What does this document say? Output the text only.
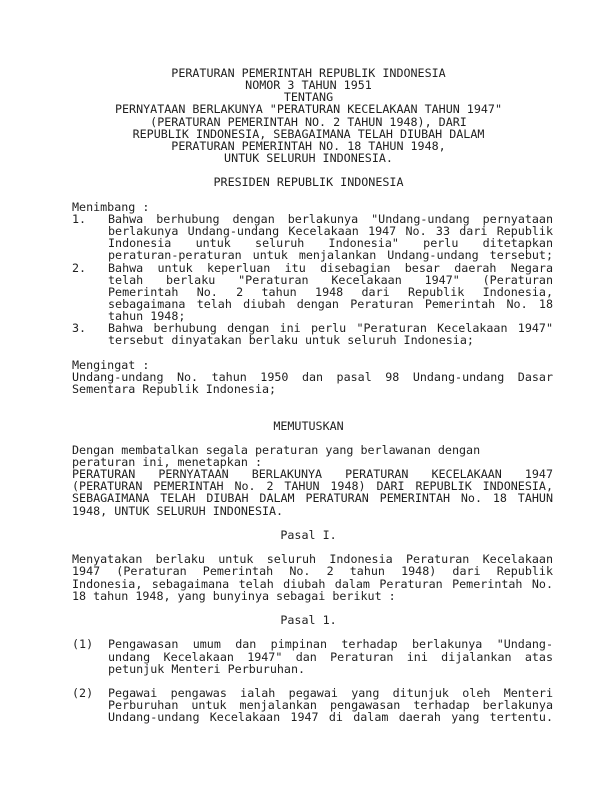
PERATURAN PEMERINTAH REPUBLIK INDONESIA
NOMOR 3 TAHUN 1951
TENTANG
PERNYATAAN BERLAKUNYA "PERATURAN KECELAKAAN TAHUN 1947"
(PERATURAN PEMERINTAH NO. 2 TAHUN 1948), DARI
REPUBLIK INDONESIA, SEBAGAIMANA TELAH DIUBAH DALAM
PERATURAN PEMERINTAH NO. 18 TAHUN 1948,
UNTUK SELURUH INDONESIA.

PRESIDEN REPUBLIK INDONESIA

Menimbang :
1. Bahwa berhubung dengan berlakunya "Undang-undang pernyataan
berlakunya Undang-undang Kecelakaan 1947 No. 33 dari Republik
Indonesia untuk seluruh Indonesia" perlu ditetapkan
peraturan-peraturan untuk menjalankan Undang-undang tersebut;
2. Bahwa untuk keperluan itu disebagian besar daerah Negara
telah berlaku "Peraturan Kecelakaan 1947" (Peraturan
Pemerintah No. 2 tahun 1948 dari Republik Indonesia,
sebagaimana telah diubah dengan Peraturan Pemerintah No. 18
tahun 1948;
3. Bahwa berhubung dengan ini perlu "Peraturan Kecelakaan 1947"
tersebut dinyatakan berlaku untuk seluruh Indonesia;

Mengingat :
Undang-undang No. tahun 1950 dan pasal 98 Undang-undang Dasar
Sementara Republik Indonesia;

MEMUTUSKAN

Dengan membatalkan segala peraturan yang berlawanan dengan
peraturan ini, menetapkan :
PERATURAN PERNYATAAN BERLAKUNYA PERATURAN KECELAKAAN 1947
(PERATURAN PEMERINTAH No. 2 TAHUN 1948) DARI REPUBLIK INDONESIA,
SEBAGAIMANA TELAH DIUBAH DALAM PERATURAN PEMERINTAH No. 18 TAHUN
1948, UNTUK SELURUH INDONESIA.

Pasal I.

Menyatakan berlaku untuk seluruh Indonesia Peraturan Kecelakaan
1947 (Peraturan Pemerintah No. 2 tahun 1948) dari Republik
Indonesia, sebagaimana telah diubah dalam Peraturan Pemerintah No.
18 tahun 1948, yang bunyinya sebagai berikut :

Pasal 1.

(1) Pengawasan umum dan pimpinan terhadap berlakunya "Undang-
undang Kecelakaan 1947" dan Peraturan ini dijalankan atas
petunjuk Menteri Perburuhan.

(2) Pegawai pengawas ialah pegawai yang ditunjuk oleh Menteri
Perburuhan untuk menjalankan pengawasan terhadap berlakunya
Undang-undang Kecelakaan 1947 di dalam daerah yang tertentu.
